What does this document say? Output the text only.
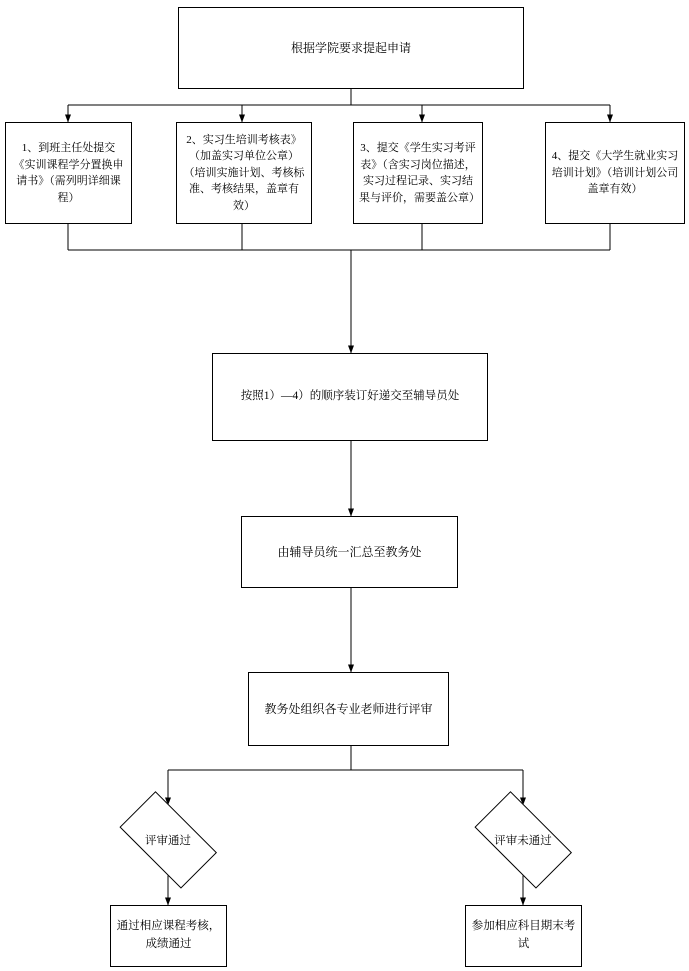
根据学院要求提起申请
1、到班主任处提交《实训课程学分置换申请书》（需列明详细课程）
2、实习生培训考核表》（加盖实习单位公章）（培训实施计划、考核标准、考核结果，盖章有效）
3、提交《学生实习考评表》（含实习岗位描述，实习过程记录、实习结果与评价，需要盖公章）
4、提交《大学生就业实习培训计划》（培训计划公司盖章有效）
按照1）—4）的顺序装订好递交至辅导员处
由辅导员统一汇总至教务处
教务处组织各专业老师进行评审
评审通过	评审未通过
通过相应课程考核，成绩通过
参加相应科目期末考试
